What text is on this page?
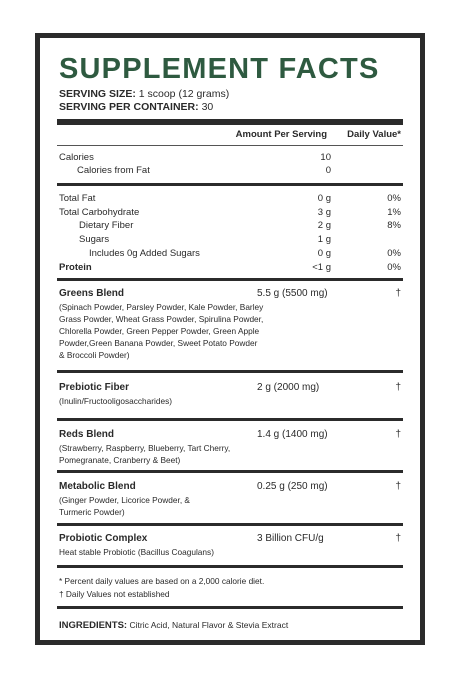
SUPPLEMENT FACTS
SERVING SIZE: 1 scoop (12 grams)
SERVING PER CONTAINER: 30
Amount Per Serving Daily Value*
Calories	10
Calories from Fat	0
Total Fat	0 g	0%
Total Carbohydrate	3 g	1%
Dietary Fiber	2 g	8%
Sugars	1 g
Includes 0g Added Sugars	0 g	0%
Protein	<1 g	0%
Greens Blend
(Spinach Powder, Parsley Powder, Kale Powder, Barley Grass Powder, Wheat Grass Powder, Spirulina Powder, Chlorella Powder, Green Pepper Powder, Green Apple Powder,Green Banana Powder, Sweet Potato Powder & Broccoli Powder)
5.5 g (5500 mg)	†
Prebiotic Fiber
(Inulin/Fructooligosaccharides)
2 g (2000 mg)	†
Reds Blend
(Strawberry, Raspberry, Blueberry, Tart Cherry, Pomegranate, Cranberry & Beet)
1.4 g (1400 mg)	†
Metabolic Blend
(Ginger Powder, Licorice Powder, & Turmeric Powder)
0.25 g (250 mg)	†
Probiotic Complex
Heat stable Probiotic (Bacillus Coagulans)
3 Billion CFU/g	†
* Percent daily values are based on a 2,000 calorie diet.
† Daily Values not established
INGREDIENTS: Citric Acid, Natural Flavor & Stevia Extract
